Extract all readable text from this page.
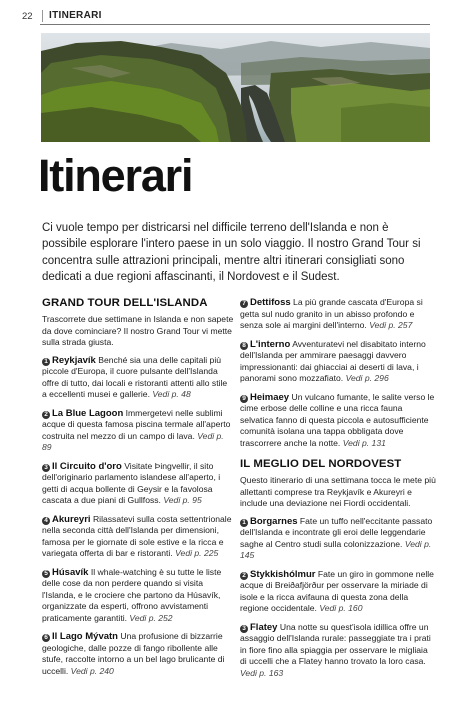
22	ITINERARI
Itinerari

Ci vuole tempo per districarsi nel difficile terreno dell'Islanda e non è possibile esplorare l'intero paese in un solo viaggio. Il nostro Grand Tour si concentra sulle attrazioni principali, mentre altri itinerari consigliati sono dedicati a due regioni affascinanti, il Nordovest e il Sudest.

GRAND TOUR DELL'ISLANDA

Trascorrete due settimane in Islanda e non sapete da dove cominciare? Il nostro Grand Tour vi mette sulla strada giusta.

1 Reykjavík Benché sia una delle capitali più piccole d'Europa, il cuore pulsante dell'Islanda offre di tutto, dai locali e ristoranti attenti allo stile a eccellenti musei e gallerie. Vedi p. 48

2 La Blue Lagoon Immergetevi nelle sublimi acque di questa famosa piscina termale all'aperto costruita nel mezzo di un campo di lava. Vedi p. 89

3 Il Circuito d'oro Visitate Þingvellir, il sito dell'originario parlamento islandese all'aperto, i getti di acqua bollente di Geysir e la favolosa cascata a due piani di Gullfoss. Vedi p. 95

4 Akureyri Rilassatevi sulla costa settentrionale nella seconda città dell'Islanda per dimensioni, famosa per le giornate di sole estive e la ricca e variegata offerta di bar e ristoranti. Vedi p. 225

5 Húsavík Il whale-watching è su tutte le liste delle cose da non perdere quando si visita l'Islanda, e le crociere che partono da Húsavík, organizzate da esperti, offrono avvistamenti praticamente garantiti. Vedi p. 252

6 Il Lago Mývatn Una profusione di bizzarrie geologiche, dalle pozze di fango ribollente alle stufe, raccolte intorno a un bel lago brulicante di uccelli. Vedi p. 240

7 Dettifoss La più grande cascata d'Europa si getta sul nudo granito in un abisso profondo e senza sole ai margini dell'interno. Vedi p. 257

8 L'interno Avventuratevi nel disabitato interno dell'Islanda per ammirare paesaggi davvero impressionanti: dai ghiacciai ai deserti di lava, i panorami sono mozzafiato. Vedi p. 296

9 Heimaey Un vulcano fumante, le salite verso le cime erbose delle colline e una ricca fauna selvatica fanno di questa piccola e autosufficiente comunità isolana una tappa obbligata dove trascorrere anche la notte. Vedi p. 131

IL MEGLIO DEL NORDOVEST

Questo itinerario di una settimana tocca le mete più allettanti comprese tra Reykjavík e Akureyri e include una deviazione nei Fiordi occidentali.

1 Borgarnes Fate un tuffo nell'eccitante passato dell'Islanda e incontrate gli eroi delle leggendarie saghe al Centro studi sulla colonizzazione. Vedi p. 145

2 Stykkishólmur Fate un giro in gommone nelle acque di Breiðafjörður per osservare la miriade di isole e la ricca avifauna di questa zona della regione occidentale. Vedi p. 160

3 Flatey Una notte su quest'isola idillica offre un assaggio dell'Islanda rurale: passeggiate tra i prati in fiore fino alla spiaggia per osservare le migliaia di uccelli che a Flatey hanno trovato la loro casa. Vedi p. 163
